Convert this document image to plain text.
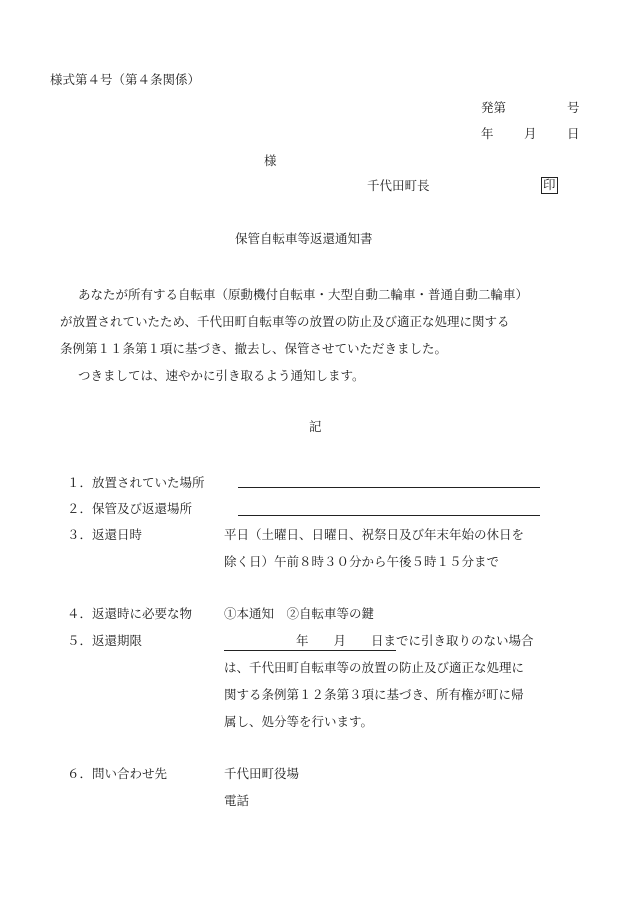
様式第４号（第４条関係）
発第	号
年 月 日
様
千代田町長	印
保管自転車等返還通知書
あなたが所有する自転車（原動機付自転車・大型自動二輪車・普通自動二輪車）
が放置されていたため、千代田町自転車等の放置の防止及び適正な処理に関する
条例第１１条第１項に基づき、撤去し、保管させていただきました。
つきましては、速やかに引き取るよう通知します。
記
１． 放置されていた場所
２． 保管及び返還場所
３． 返還日時	平日（土曜日、日曜日、祝祭日及び年末年始の休日を
除く日）午前８時３０分から午後５時１５分まで
４． 返還時に必要な物	①本通知　②自転車等の鍵
５． 返還期限	年　　月　　日までに引き取りのない場合
は、千代田町自転車等の放置の防止及び適正な処理に
関する条例第１２条第３項に基づき、所有権が町に帰
属し、処分等を行います。
６． 問い合わせ先	千代田町役場
電話
